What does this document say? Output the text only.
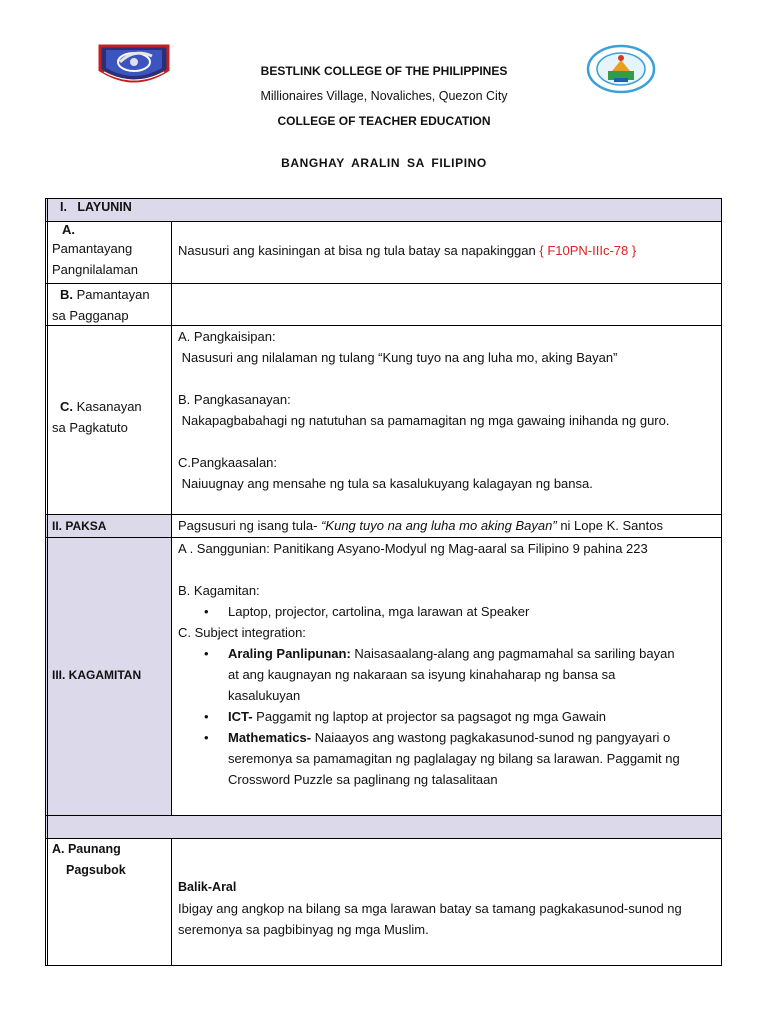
BESTLINK COLLEGE OF THE PHILIPPINES
Millionaires Village, Novaliches, Quezon City
COLLEGE OF TEACHER EDUCATION
BANGHAY ARALIN SA FILIPINO
I.   LAYUNIN
A.
Pamantayang
Pangnilalaman
Nasusuri ang kasiningan at bisa ng tula batay sa napakinggan { F10PN-IIIc-78 }
B. Pamantayan
sa Pagganap
C. Kasanayan
sa Pagkatuto
A. Pangkaisipan:
Nasusuri ang nilalaman ng tulang “Kung tuyo na ang luha mo, aking Bayan”
B. Pangkasanayan:
Nakapagbabahagi ng natutuhan sa pamamagitan ng mga gawaing inihanda ng guro.
C.Pangkaasalan:
Naiuugnay ang mensahe ng tula sa kasalukuyang kalagayan ng bansa.
II. PAKSA	Pagsusuri ng isang tula- “Kung tuyo na ang luha mo aking Bayan” ni Lope K. Santos
III. KAGAMITAN
A . Sanggunian: Panitikang Asyano-Modyul ng Mag-aaral sa Filipino 9 pahina 223
B. Kagamitan:
• Laptop, projector, cartolina, mga larawan at Speaker
C. Subject integration:
• Araling Panlipunan: Naisasaalang-alang ang pagmamahal sa sariling bayan
at ang kaugnayan ng nakaraan sa isyung kinahaharap ng bansa sa
kasalukuyan
• ICT- Paggamit ng laptop at projector sa pagsagot ng mga Gawain
• Mathematics- Naiaayos ang wastong pagkakasunod-sunod ng pangyayari o
seremonya sa pamamagitan ng paglalagay ng bilang sa larawan. Paggamit ng
Crossword Puzzle sa paglinang ng talasalitaan
A. Paunang
Pagsubok
Balik-Aral
Ibigay ang angkop na bilang sa mga larawan batay sa tamang pagkakasunod-sunod ng
seremonya sa pagbibinyag ng mga Muslim.
